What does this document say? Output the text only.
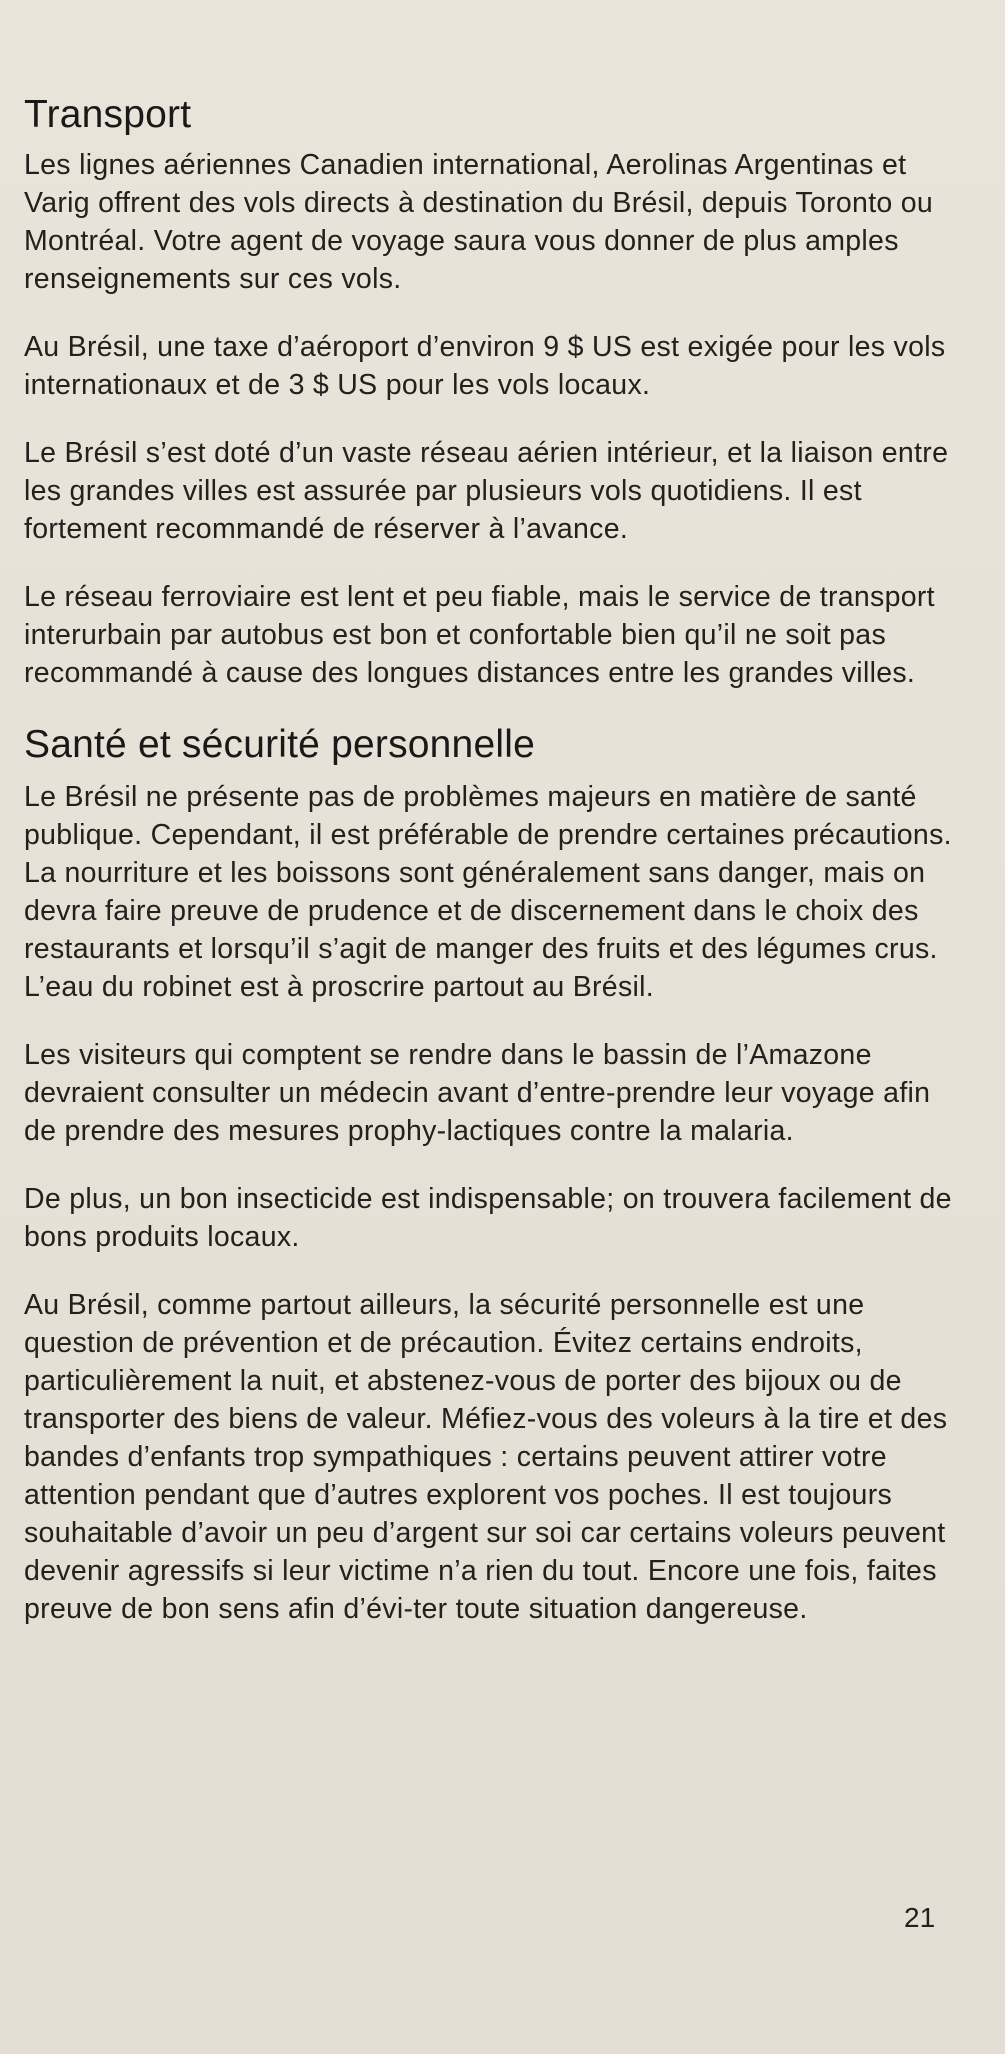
Transport

Les lignes aériennes Canadien international, Aerolinas Argentinas et Varig offrent des vols directs à destination du Brésil, depuis Toronto ou Montréal. Votre agent de voyage saura vous donner de plus amples renseignements sur ces vols.

Au Brésil, une taxe d’aéroport d’environ 9 $ US est exigée pour les vols internationaux et de 3 $ US pour les vols locaux.

Le Brésil s’est doté d’un vaste réseau aérien intérieur, et la liaison entre les grandes villes est assurée par plusieurs vols quotidiens. Il est fortement recommandé de réserver à l’avance.

Le réseau ferroviaire est lent et peu fiable, mais le service de transport interurbain par autobus est bon et confortable bien qu’il ne soit pas recommandé à cause des longues distances entre les grandes villes.

Santé et sécurité personnelle

Le Brésil ne présente pas de problèmes majeurs en matière de santé publique. Cependant, il est préférable de prendre certaines précautions. La nourriture et les boissons sont généralement sans danger, mais on devra faire preuve de prudence et de discernement dans le choix des restaurants et lorsqu’il s’agit de manger des fruits et des légumes crus. L’eau du robinet est à proscrire partout au Brésil.

Les visiteurs qui comptent se rendre dans le bassin de l’Amazone devraient consulter un médecin avant d’entre-prendre leur voyage afin de prendre des mesures prophy-lactiques contre la malaria.

De plus, un bon insecticide est indispensable; on trouvera facilement de bons produits locaux.

Au Brésil, comme partout ailleurs, la sécurité personnelle est une question de prévention et de précaution. Évitez certains endroits, particulièrement la nuit, et abstenez-vous de porter des bijoux ou de transporter des biens de valeur. Méfiez-vous des voleurs à la tire et des bandes d’enfants trop sympathiques : certains peuvent attirer votre attention pendant que d’autres explorent vos poches. Il est toujours souhaitable d’avoir un peu d’argent sur soi car certains voleurs peuvent devenir agressifs si leur victime n’a rien du tout. Encore une fois, faites preuve de bon sens afin d’évi-ter toute situation dangereuse.

21
